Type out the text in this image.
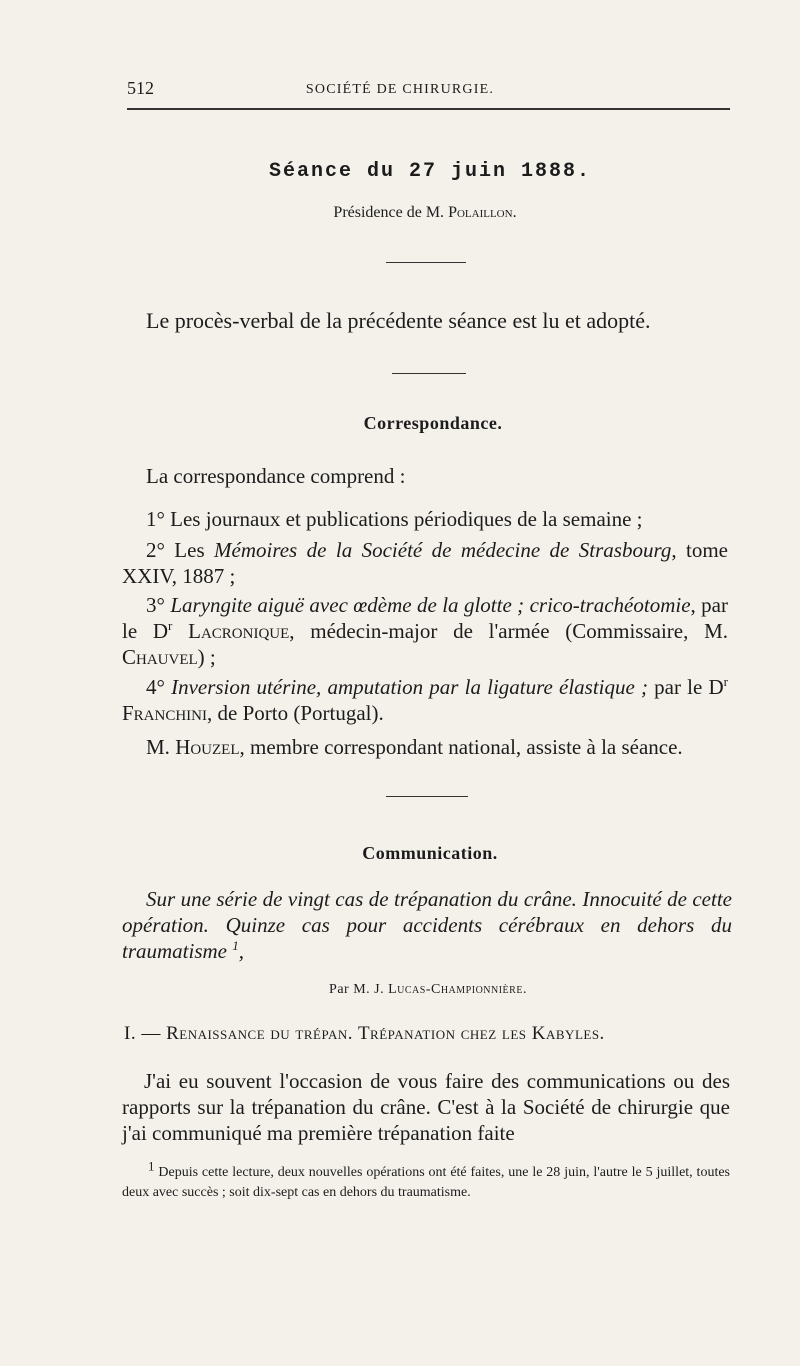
512	SOCIÉTÉ DE CHIRURGIE.
Séance du 27 juin 1888.
Présidence de M. Polaillon.
Le procès-verbal de la précédente séance est lu et adopté.
Correspondance.
La correspondance comprend :
1° Les journaux et publications périodiques de la semaine ;
2° Les Mémoires de la Société de médecine de Strasbourg, tome XXIV, 1887 ;
3° Laryngite aiguë avec œdème de la glotte ; crico-trachéotomie, par le $D^r$ Lacronique, médecin-major de l'armée (Commissaire, M. Chauvel) ;
4° Inversion utérine, amputation par la ligature élastique ; par le $D^r$ Franchini, de Porto (Portugal).
M. Houzel, membre correspondant national, assiste à la séance.
Communication.
Sur une série de vingt cas de trépanation du crâne. Innocuité de cette opération. Quinze cas pour accidents cérébraux en dehors du traumatisme $^1$,
Par M. J. Lucas-Championnière.
I. — Renaissance du trépan. Trépanation chez les Kabyles.
J'ai eu souvent l'occasion de vous faire des communications ou des rapports sur la trépanation du crâne. C'est à la Société de chirurgie que j'ai communiqué ma première trépanation faite
1 Depuis cette lecture, deux nouvelles opérations ont été faites, une le 28 juin, l'autre le 5 juillet, toutes deux avec succès ; soit dix-sept cas en dehors du traumatisme.
